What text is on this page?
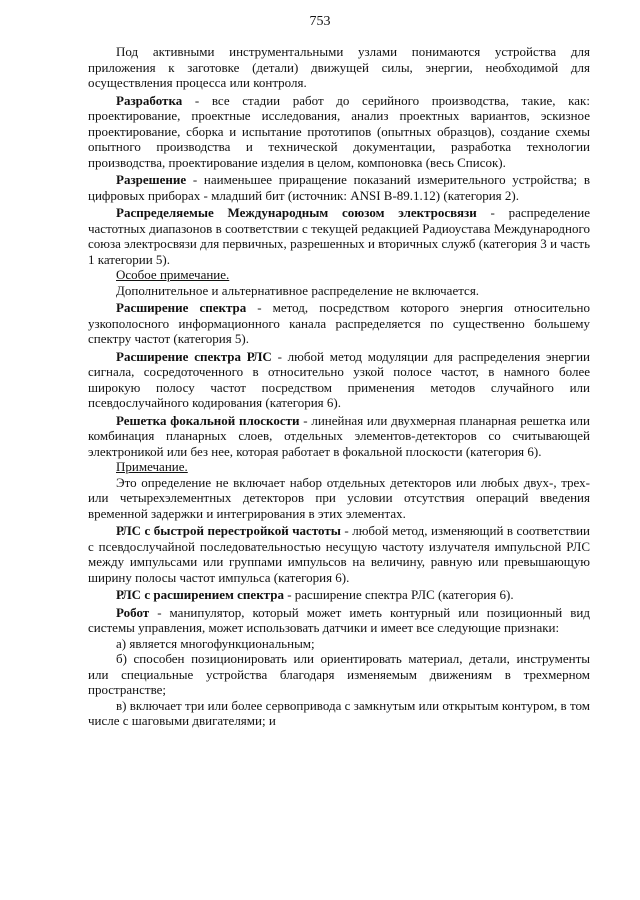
753

Под активными инструментальными узлами понимаются устройства для приложения к заготовке (детали) движущей силы, энергии, необходимой для осуществления процесса или контроля.

Разработка - все стадии работ до серийного производства, такие, как: проектирование, проектные исследования, анализ проектных вариантов, эскизное проектирование, сборка и испытание прототипов (опытных образцов), создание схемы опытного производства и технической документации, разработка технологии производства, проектирование изделия в целом, компоновка (весь Список).

Разрешение - наименьшее приращение показаний измерительного устройства; в цифровых приборах - младший бит (источник: ANSI B-89.1.12) (категория 2).

Распределяемые Международным союзом электросвязи - распределение частотных диапазонов в соответствии с текущей редакцией Радиоустава Международного союза электросвязи для первичных, разрешенных и вторичных служб (категория 3 и часть 1 категории 5).

Особое примечание.

Дополнительное и альтернативное распределение не включается.

Расширение спектра - метод, посредством которого энергия относительно узкополосного информационного канала распределяется по существенно большему спектру частот (категория 5).

Расширение спектра РЛС - любой метод модуляции для распределения энергии сигнала, сосредоточенного в относительно узкой полосе частот, в намного более широкую полосу частот посредством применения методов случайного или псевдослучайного кодирования (категория 6).

Решетка фокальной плоскости - линейная или двухмерная планарная решетка или комбинация планарных слоев, отдельных элементов-детекторов со считывающей электроникой или без нее, которая работает в фокальной плоскости (категория 6).

Примечание.

Это определение не включает набор отдельных детекторов или любых двух-, трех- или четырехэлементных детекторов при условии отсутствия операций введения временной задержки и интегрирования в этих элементах.

РЛС с быстрой перестройкой частоты - любой метод, изменяющий в соответствии с псевдослучайной последовательностью несущую частоту излучателя импульсной РЛС между импульсами или группами импульсов на величину, равную или превышающую ширину полосы частот импульса (категория 6).

РЛС с расширением спектра - расширение спектра РЛС (категория 6).

Робот - манипулятор, который может иметь контурный или позиционный вид системы управления, может использовать датчики и имеет все следующие признаки:

а) является многофункциональным;

б) способен позиционировать или ориентировать материал, детали, инструменты или специальные устройства благодаря изменяемым движениям в трехмерном пространстве;

в) включает три или более сервопривода с замкнутым или открытым контуром, в том числе с шаговыми двигателями; и
